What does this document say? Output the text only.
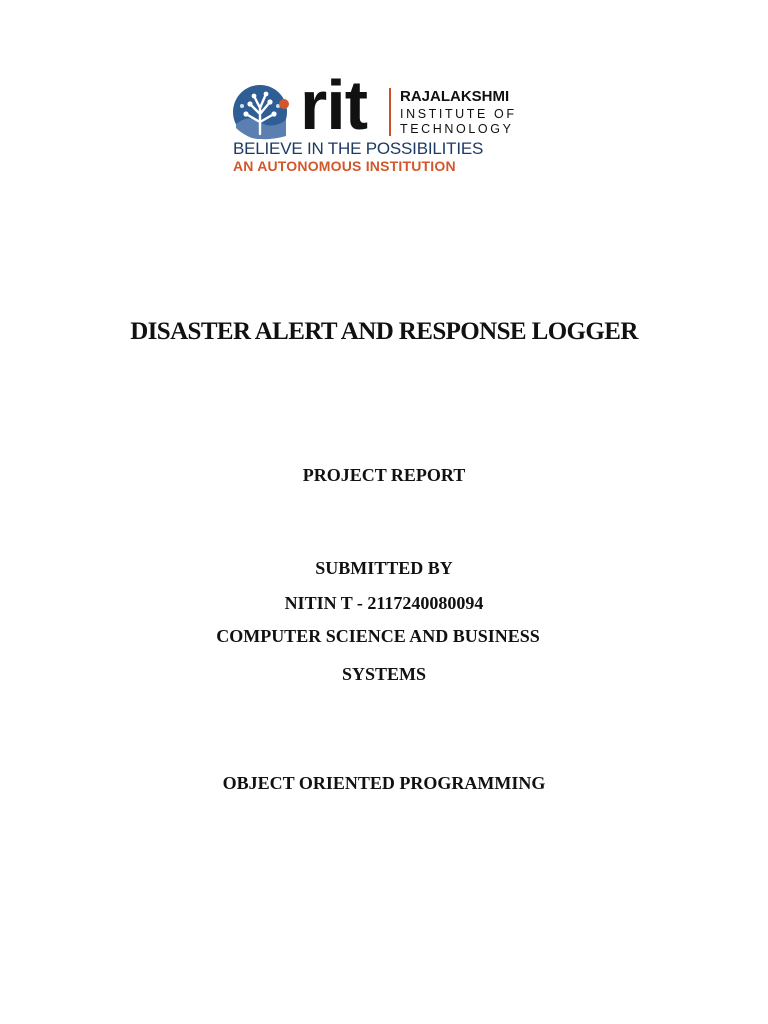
rit RAJALAKSHMI
INSTITUTE OF
TECHNOLOGY
BELIEVE IN THE POSSIBILITIES
AN AUTONOMOUS INSTITUTION
DISASTER ALERT AND RESPONSE LOGGER
PROJECT REPORT
SUBMITTED BY
NITIN T - 2117240080094
COMPUTER SCIENCE AND BUSINESS
SYSTEMS
OBJECT ORIENTED PROGRAMMING
